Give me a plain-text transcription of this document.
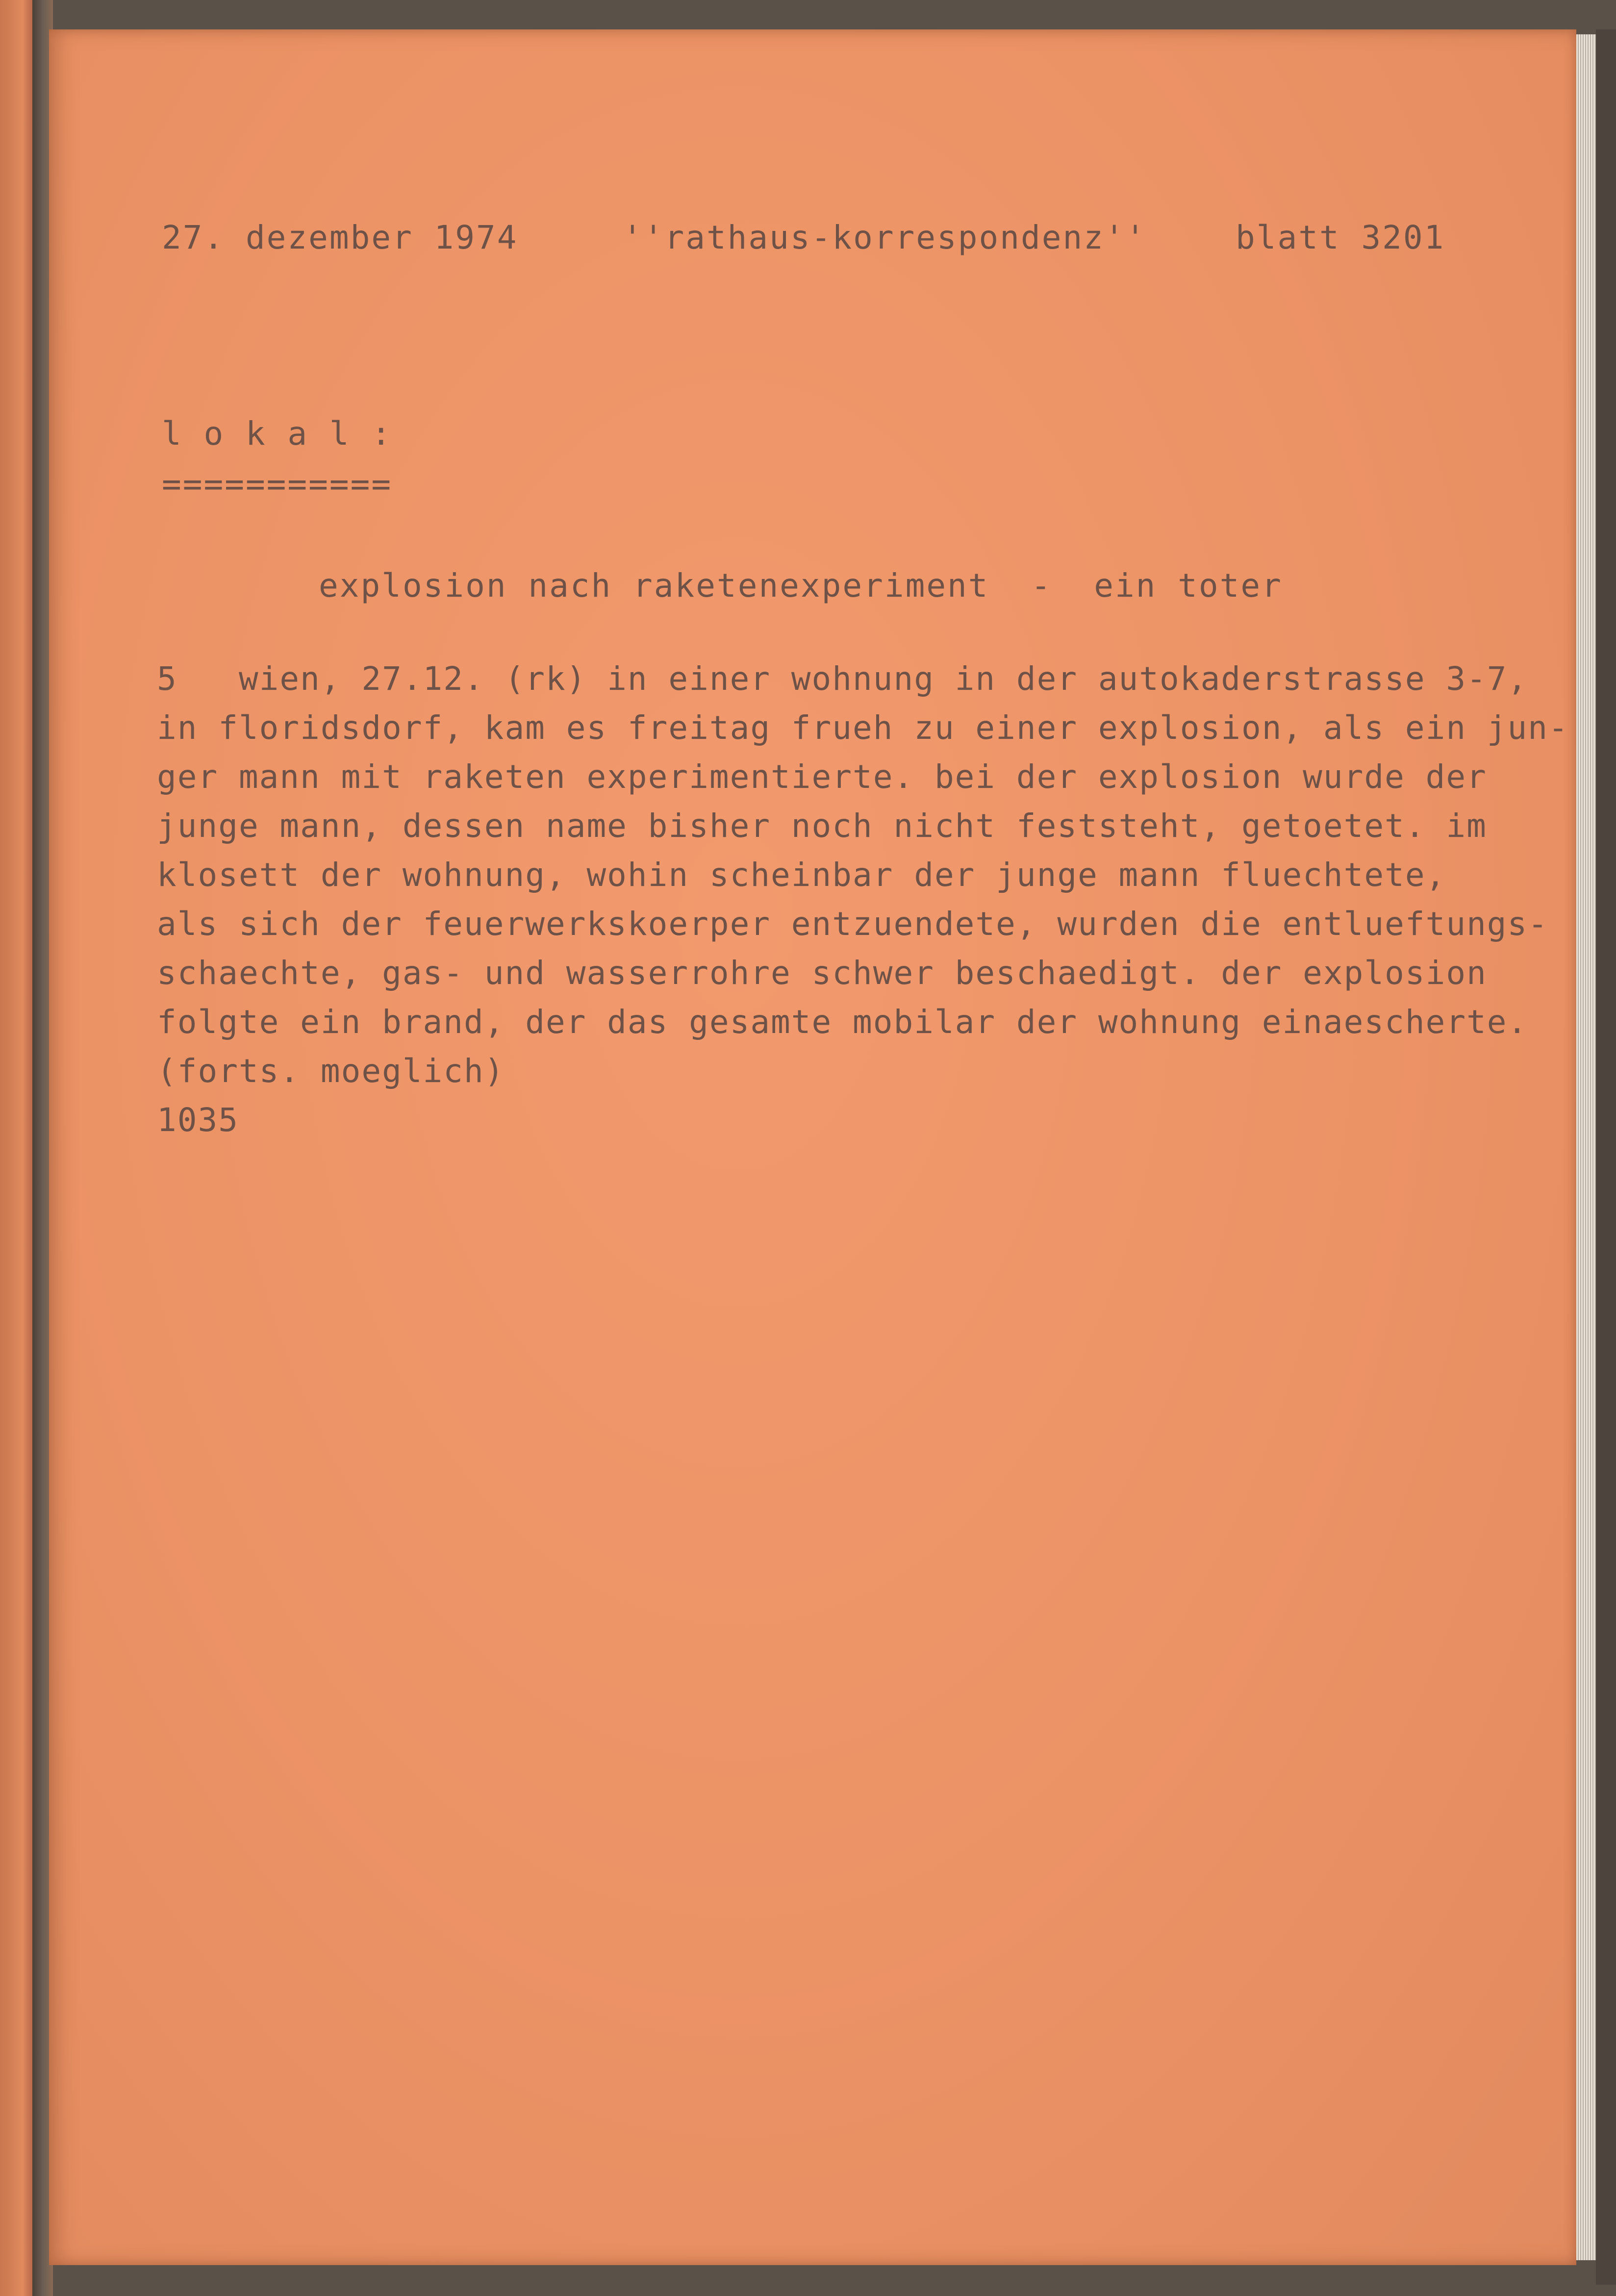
27. dezember 1974	''rathaus-korrespondenz''	blatt 3201

l o k a l :

===========

explosion nach raketenexperiment  -  ein toter

5   wien, 27.12. (rk) in einer wohnung in der autokaderstrasse 3-7,

in floridsdorf, kam es freitag frueh zu einer explosion, als ein jun-

ger mann mit raketen experimentierte. bei der explosion wurde der

junge mann, dessen name bisher noch nicht feststeht, getoetet. im

klosett der wohnung, wohin scheinbar der junge mann fluechtete,

als sich der feuerwerkskoerper entzuendete, wurden die entlueftungs-

schaechte, gas- und wasserrohre schwer beschaedigt. der explosion

folgte ein brand, der das gesamte mobilar der wohnung einaescherte.

(forts. moeglich)

1035
